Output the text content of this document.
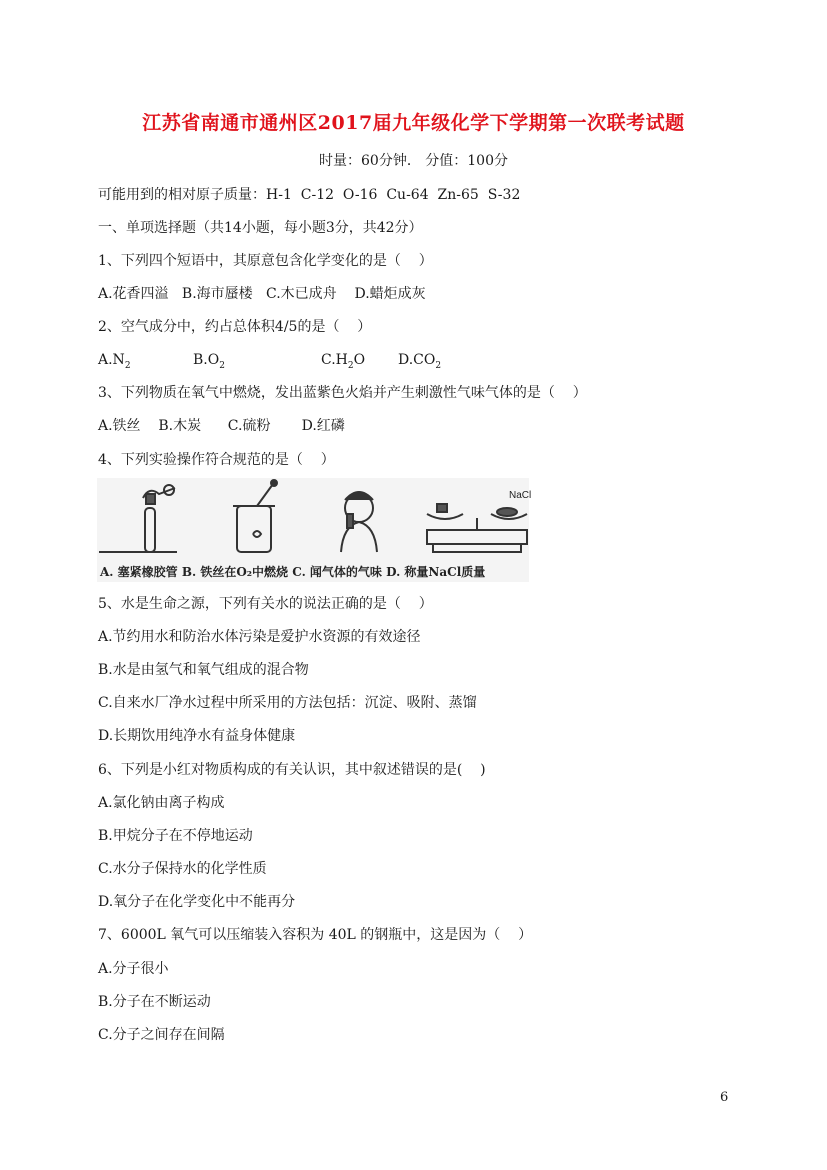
江苏省南通市通州区2017届九年级化学下学期第一次联考试题
时量：60分钟． 分值：100分
可能用到的相对原子质量：H-1  C-12  O-16  Cu-64  Zn-65  S-32
一、单项选择题（共14小题，每小题3分，共42分）
1、下列四个短语中，其原意包含化学变化的是（    ）
A.花香四溢   B.海市蜃楼   C.木已成舟    D.蜡炬成灰
2、空气成分中，约占总体积4/5的是（    ）
$A.N_2$	$B.O_2$	$C.H_2O$ $D.CO_2$
3、下列物质在氧气中燃烧，发出蓝紫色火焰并产生刺激性气味气体的是（    ）
A.铁丝    B.木炭      C.硫粉       D.红磷
4、下列实验操作符合规范的是（    ）
NaCl
A. 塞紧橡胶管 B. 铁丝在O₂中燃烧 C. 闻气体的气味 D. 称量NaCl质量
5、水是生命之源，下列有关水的说法正确的是（    ）
A.节约用水和防治水体污染是爱护水资源的有效途径
B.水是由氢气和氧气组成的混合物
C.自来水厂净水过程中所采用的方法包括：沉淀、吸附、蒸馏
D.长期饮用纯净水有益身体健康
6、下列是小红对物质构成的有关认识，其中叙述错误的是(    )
A.氯化钠由离子构成
B.甲烷分子在不停地运动
C.水分子保持水的化学性质
D.氧分子在化学变化中不能再分
7、6000L 氧气可以压缩装入容积为 40L 的钢瓶中，这是因为（    ）
A.分子很小
B.分子在不断运动
C.分子之间存在间隔
6
